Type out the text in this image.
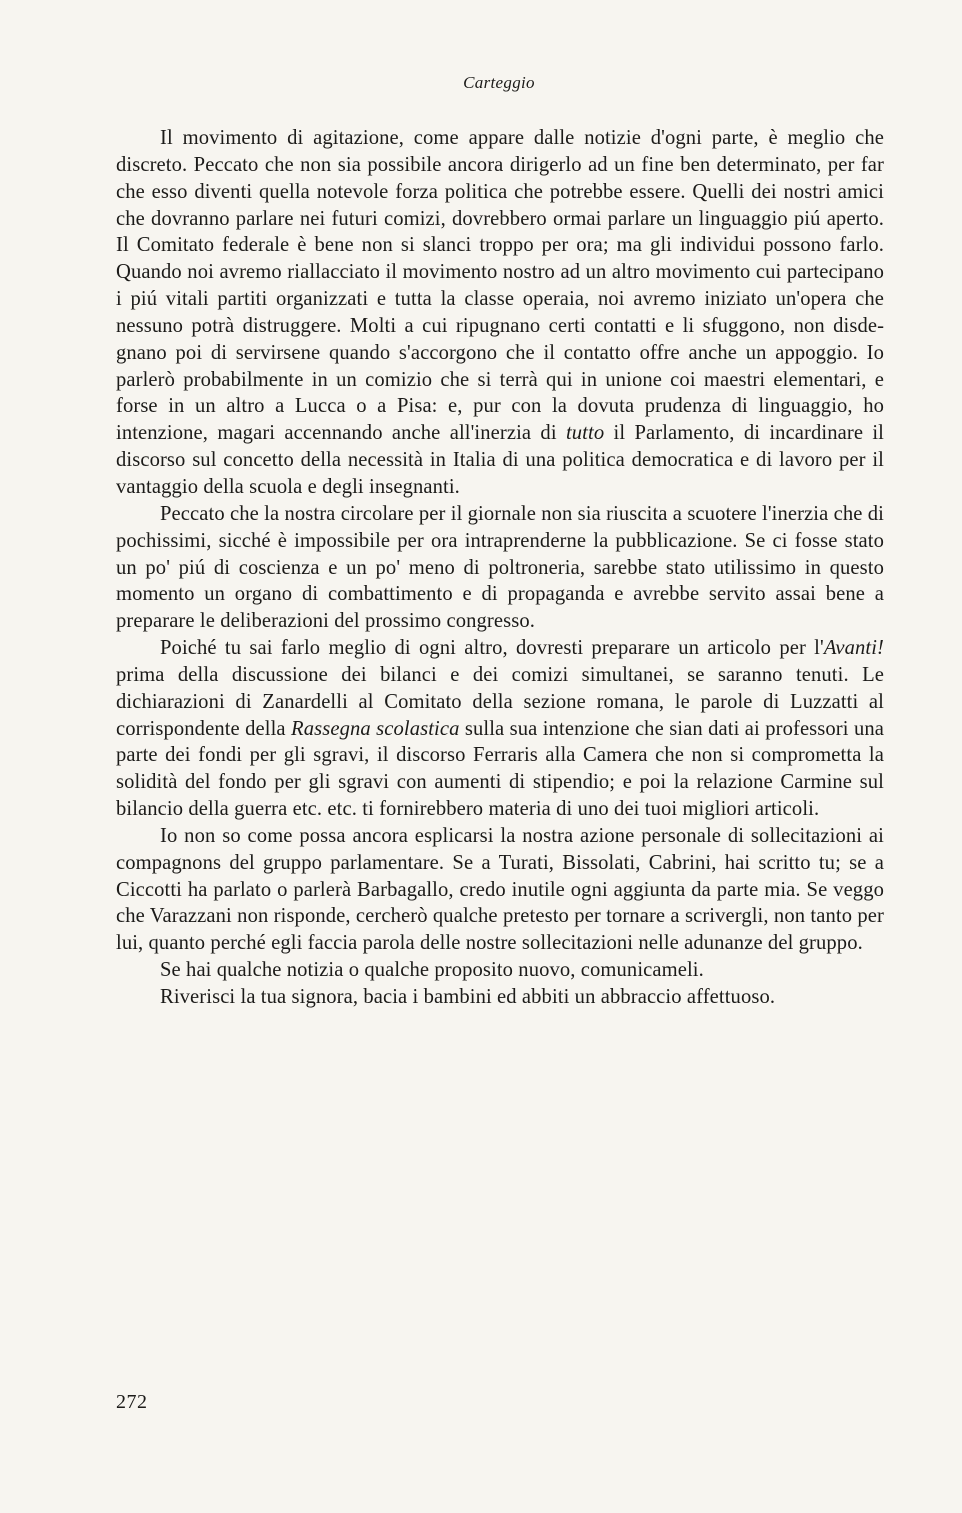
Carteggio

Il movimento di agitazione, come appare dalle notizie d'ogni parte, è meglio che discreto. Peccato che non sia possibile ancora dirigerlo ad un fine ben determinato, per far che esso diventi quella notevole forza politica che potrebbe essere. Quelli dei nostri amici che dovranno parlare nei futuri comizi, dovrebbero ormai parlare un linguaggio piú aperto. Il Comitato federale è bene non si slanci troppo per ora; ma gli individui possono farlo. Quando noi avremo riallacciato il movimento nostro ad un altro movimento cui partecipano i piú vitali partiti organizzati e tutta la classe operaia, noi avremo iniziato un'opera che nessuno potrà distruggere. Molti a cui ripugnano certi contatti e li sfuggono, non disdegnano poi di servirsene quando s'accorgono che il contatto offre anche un appoggio. Io parlerò probabilmente in un comizio che si terrà qui in unione coi maestri elementari, e forse in un altro a Lucca o a Pisa: e, pur con la dovuta prudenza di linguaggio, ho intenzione, magari accennando anche all'inerzia di tutto il Parlamento, di incardinare il discorso sul concetto della necessità in Italia di una politica democratica e di lavoro per il vantaggio della scuola e degli insegnanti.

Peccato che la nostra circolare per il giornale non sia riuscita a scuotere l'inerzia che di pochissimi, sicché è impossibile per ora intraprenderne la pubblicazione. Se ci fosse stato un po' piú di coscienza e un po' meno di poltroneria, sarebbe stato utilissimo in questo momento un organo di combattimento e di propaganda e avrebbe servito assai bene a preparare le deliberazioni del prossimo congresso.

Poiché tu sai farlo meglio di ogni altro, dovresti preparare un articolo per l'Avanti! prima della discussione dei bilanci e dei comizi simultanei, se saranno tenuti. Le dichiarazioni di Zanardelli al Comitato della sezione romana, le parole di Luzzatti al corrispondente della Rassegna scolastica sulla sua intenzione che sian dati ai professori una parte dei fondi per gli sgravi, il discorso Ferraris alla Camera che non si comprometta la solidità del fondo per gli sgravi con aumenti di stipendio; e poi la relazione Carmine sul bilancio della guerra etc. etc. ti fornirebbero materia di uno dei tuoi migliori articoli.

Io non so come possa ancora esplicarsi la nostra azione personale di sollecitazioni ai compagnons del gruppo parlamentare. Se a Turati, Bissolati, Cabrini, hai scritto tu; se a Ciccotti ha parlato o parlerà Barbagallo, credo inutile ogni aggiunta da parte mia. Se veggo che Varazzani non risponde, cercherò qualche pretesto per tornare a scrivergli, non tanto per lui, quanto perché egli faccia parola delle nostre sollecitazioni nelle adunanze del gruppo.

Se hai qualche notizia o qualche proposito nuovo, comunicameli.

Riverisci la tua signora, bacia i bambini ed abbiti un abbraccio affettuoso.

272
